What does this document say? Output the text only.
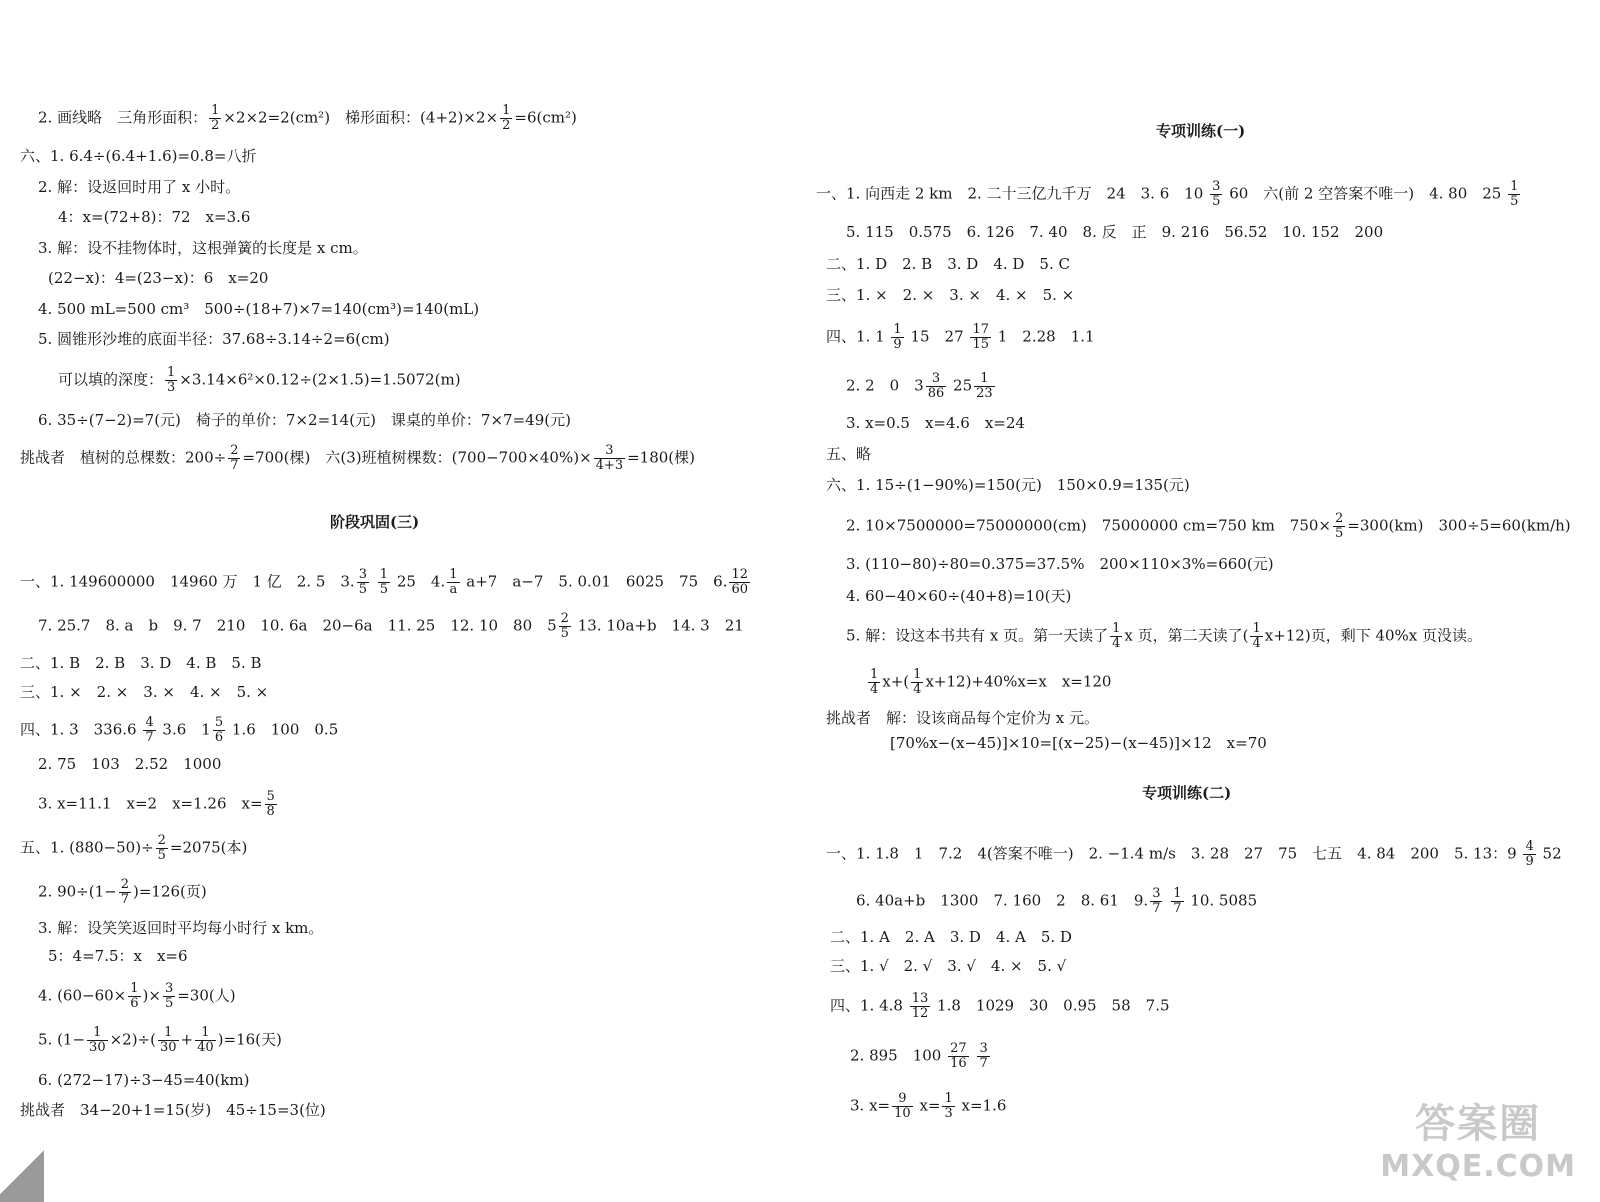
2. 画线略　三角形面积： $\frac{1}{2} \times 2\times 2=2(cm^2)$　梯形面积：$(4+2)\times 2\times \frac{1}{2} =6(cm^2)$
六、1. 6.4÷(6.4+1.6)=0.8=八折
2. 解：设返回时用了 x 小时。
4：x=(72+8)：72　x=3.6
3. 解：设不挂物体时，这根弹簧的长度是 x cm。
(22−x)：4=(23−x)：6　x=20
4. 500 mL=500 cm³　500÷(18+7)×7=140(cm³)=140(mL)
5. 圆锥形沙堆的底面半径：37.68÷3.14÷2=6(cm)
可以填的深度： $\frac{1}{3} \times 3.14\times 6^2\times 0.12\div(2\times 1.5)=1.5072(m)$
6. 35÷(7−2)=7(元)　椅子的单价：7×2=14(元)　课桌的单价：7×7=49(元)
挑战者　植树的总棵数：$200\div \frac{2}{7} =700$(棵)　六(3)班植树棵数：$(700-700\times 40\%)\times \frac{3}{4+3} =180$(棵)
阶段巩固(三)
一、1. 149600000　14960 万　1 亿　2. 5　3. $\frac{3}{5}$
$\frac{1}{5} 25$　4. $\frac{1}{a} a+7$　a−7　5. 0.01　6025　75　6. $\frac{12}{60}$
7. 25.7　8. a　b　9. 7　210　10. 6a　20−6a　11. 25　12. 10　80　$5 \frac{2}{5} 13$. 10a+b　14. 3　21
二、1. B　2. B　3. D　4. B　5. B
三、1. ×　2. ×　3. ×　4. ×　5. ×
四、1. 3　$336.6 \frac{4}{7} 3.6$　$1 \frac{5}{6} 1.6$　100　0.5
2. 75　103　2.52　1000
3. x=11.1　x=2　x=1.26　$x= \frac{5}{8}$
五、1. $(880-50)\div \frac{2}{5} =2075$(本)
2. $90\div(1- \frac{2}{7} )=126$(页)
3. 解：设笑笑返回时平均每小时行 x km。
5：4=7.5：x　x=6
4. ($60-60\times \frac{1}{6}$ )× $\frac{3}{5} =30$(人)
5. $(1- \frac{1}{30} \times 2)\div( \frac{1}{30} + \frac{1}{40} )=16$(天)
6. (272−17)÷3−45=40(km)
挑战者　34−20+1=15(岁)　45÷15=3(位)
专项训练(一)
一、1. 向西走 2 km　2. 二十三亿九千万　24　3. 6　$10 \frac{3}{5} 60$　六(前 2 空答案不唯一)　4. 80　$25 \frac{1}{5}$
5. 115　0.575　6. 126　7. 40　8. 反　正　9. 216　56.52　10. 152　200
二、1. D　2. B　3. D　4. D　5. C
三、1. ×　2. ×　3. ×　4. ×　5. ×
四、1. $1 \frac{1}{9} 15$　$27 \frac{17}{15} 1$　2.28　1.1
2. 2　0　$3 \frac{3}{86} 25 \frac{1}{23}$
3. x=0.5　x=4.6　x=24
五、略
六、1. 15÷(1−90%)=150(元)　150×0.9=135(元)
2. 10×7500000=75000000(cm)　75000000 cm=750 km　$750\times \frac{2}{5} =300(km)$　300÷5=60(km/h)
3. (110−80)÷80=0.375=37.5%　200×110×3%=660(元)
4. 60−40×60÷(40+8)=10(天)
5. 解：设这本书共有 x 页。第一天读了 $\frac{1}{4}$ x 页，第二天读了( $\frac{1}{4} x+12$)页，剩下 40%x 页没读。
$\frac{1}{4} x+( \frac{1}{4} x+12)+40\%x=x$　x=120
挑战者　解：设该商品每个定价为 x 元。
[70%x−(x−45)]×10=[(x−25)−(x−45)]×12　x=70
专项训练(二)
一、1. 1.8　1　7.2　4(答案不唯一)　2. −1.4 m/s　3. 28　27　75　七五　4. 84　200　5. 13：$9 \frac{4}{9} 52$
6. 40a+b　1300　7. 160　2　8. 61　9. $\frac{3}{7}$
$\frac{1}{7} 10$. 5085
二、1. A　2. A　3. D　4. A　5. D
三、1. √　2. √　3. √　4. ×　5. √
四、1. $4.8 \frac{13}{12} 1.8$　1029　30　0.95　58　7.5
2. 895　$100 \frac{27}{16}$
$\frac{3}{7}$
3. $x= \frac{9}{10} x= \frac{1}{3} x=1.6$	答案圈
MXQE.COM
